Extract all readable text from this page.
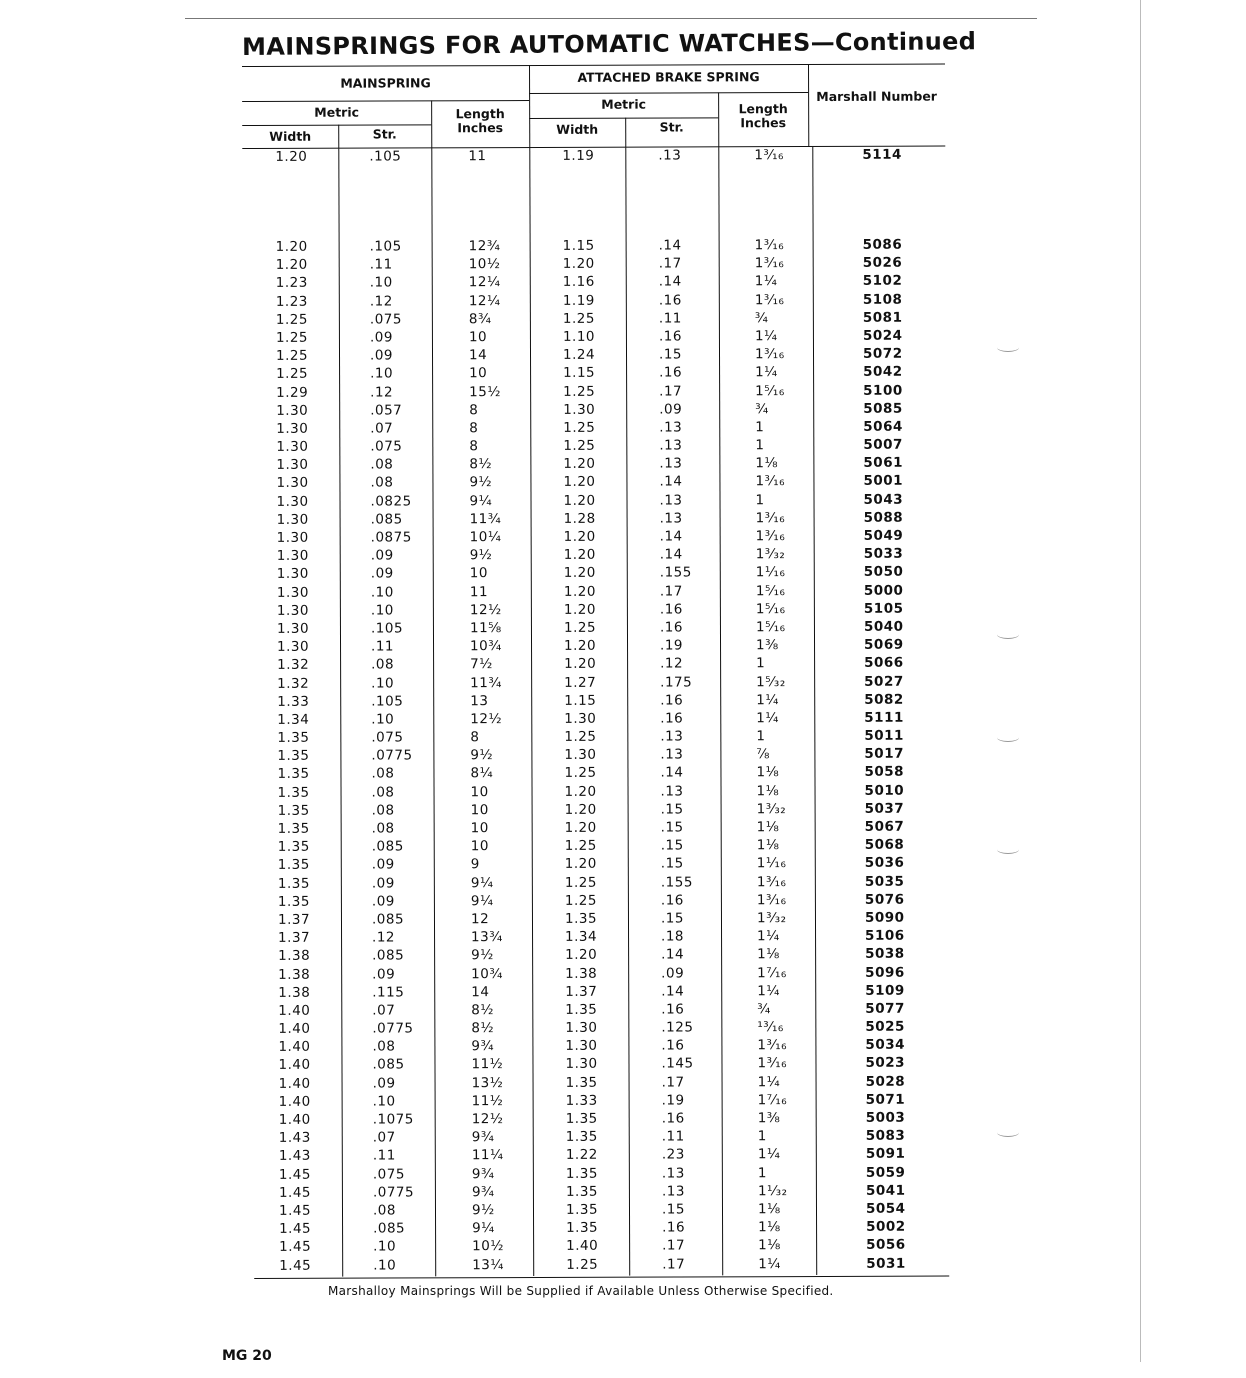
MAINSPRINGS FOR AUTOMATIC WATCHES—Continued
MAINSPRING	ATTACHED BRAKE SPRING
Metric
Metric
Length Inches
Length Inches
Width	Str.	Width	Str.
Marshall Number
1.20	.105	11	1.19	.13	1³⁄₁₆	5114
1.20	.105	12¾	1.15	.14	1³⁄₁₆	5086
1.20	.11	10½	1.20	.17	1³⁄₁₆	5026
1.23	.10	12¼	1.16	.14	1¼	5102
1.23	.12	12¼	1.19	.16	1³⁄₁₆	5108
1.25	.075	8¾	1.25	.11	¾	5081
1.25	.09	10	1.10	.16	1¼	5024
1.25	.09	14	1.24	.15	1³⁄₁₆	5072
1.25	.10	10	1.15	.16	1¼	5042
1.29	.12	15½	1.25	.17	1⁵⁄₁₆	5100
1.30	.057	8	1.30	.09	¾	5085
1.30	.07	8	1.25	.13	1	5064
1.30	.075	8	1.25	.13	1	5007
1.30	.08	8½	1.20	.13	1⅛	5061
1.30	.08	9½	1.20	.14	1³⁄₁₆	5001
1.30	.0825	9¼	1.20	.13	1	5043
1.30	.085	11¾	1.28	.13	1³⁄₁₆	5088
1.30	.0875	10¼	1.20	.14	1³⁄₁₆	5049
1.30	.09	9½	1.20	.14	1³⁄₃₂	5033
1.30	.09	10	1.20	.155	1¹⁄₁₆	5050
1.30	.10	11	1.20	.17	1⁵⁄₁₆	5000
1.30	.10	12½	1.20	.16	1⁵⁄₁₆	5105
1.30	.105	11⅝	1.25	.16	1⁵⁄₁₆	5040
1.30	.11	10¾	1.20	.19	1⅜	5069
1.32	.08	7½	1.20	.12	1	5066
1.32	.10	11¾	1.27	.175	1⁵⁄₃₂	5027
1.33	.105	13	1.15	.16	1¼	5082
1.34	.10	12½	1.30	.16	1¼	5111
1.35	.075	8	1.25	.13	1	5011
1.35	.0775	9½	1.30	.13	⅞	5017
1.35	.08	8¼	1.25	.14	1⅛	5058
1.35	.08	10	1.20	.13	1⅛	5010
1.35	.08	10	1.20	.15	1³⁄₃₂	5037
1.35	.08	10	1.20	.15	1⅛	5067
1.35	.085	10	1.25	.15	1⅛	5068
1.35	.09	9	1.20	.15	1¹⁄₁₆	5036
1.35	.09	9¼	1.25	.155	1³⁄₁₆	5035
1.35	.09	9¼	1.25	.16	1³⁄₁₆	5076
1.37	.085	12	1.35	.15	1³⁄₃₂	5090
1.37	.12	13¾	1.34	.18	1¼	5106
1.38	.085	9½	1.20	.14	1⅛	5038
1.38	.09	10¾	1.38	.09	1⁷⁄₁₆	5096
1.38	.115	14	1.37	.14	1¼	5109
1.40	.07	8½	1.35	.16	¾	5077
1.40	.0775	8½	1.30	.125	¹³⁄₁₆	5025
1.40	.08	9¾	1.30	.16	1³⁄₁₆	5034
1.40	.085	11½	1.30	.145	1³⁄₁₆	5023
1.40	.09	13½	1.35	.17	1¼	5028
1.40	.10	11½	1.33	.19	1⁷⁄₁₆	5071
1.40	.1075	12½	1.35	.16	1⅜	5003
1.43	.07	9¾	1.35	.11	1	5083
1.43	.11	11¼	1.22	.23	1¼	5091
1.45	.075	9¾	1.35	.13	1	5059
1.45	.0775	9¾	1.35	.13	1¹⁄₃₂	5041
1.45	.08	9½	1.35	.15	1⅛	5054
1.45	.085	9¼	1.35	.16	1⅛	5002
1.45	.10	10½	1.40	.17	1⅛	5056
1.45	.10	13¼	1.25	.17	1¼	5031
Marshalloy Mainsprings Will be Supplied if Available Unless Otherwise Specified.
MG 20
